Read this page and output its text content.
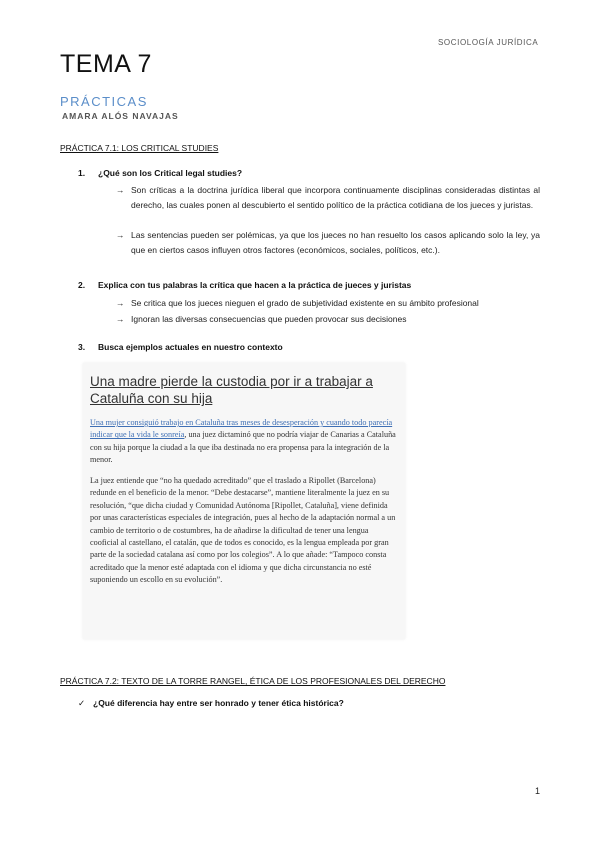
SOCIOLOGÍA JURÍDICA
TEMA 7
PRÁCTICAS
AMARA ALÓS NAVAJAS
PRÁCTICA 7.1: LOS CRITICAL STUDIES
1. ¿Qué son los Critical legal studies?
→ Son críticas a la doctrina jurídica liberal que incorpora continuamente disciplinas consideradas distintas al derecho, las cuales ponen al descubierto el sentido político de la práctica cotidiana de los jueces y juristas.
→ Las sentencias pueden ser polémicas, ya que los jueces no han resuelto los casos aplicando solo la ley, ya que en ciertos casos influyen otros factores (económicos, sociales, políticos, etc.).
2. Explica con tus palabras la crítica que hacen a la práctica de jueces y juristas
→ Se critica que los jueces nieguen el grado de subjetividad existente en su ámbito profesional
→ Ignoran las diversas consecuencias que pueden provocar sus decisiones
3. Busca ejemplos actuales en nuestro contexto
Una madre pierde la custodia por ir a trabajar a Cataluña con su hija
Una mujer consiguió trabajo en Cataluña tras meses de desesperación y cuando todo parecía indicar que la vida le sonreía, una juez dictaminó que no podría viajar de Canarias a Cataluña con su hija porque la ciudad a la que iba destinada no era propensa para la integración de la menor.
La juez entiende que “no ha quedado acreditado” que el traslado a Ripollet (Barcelona) redunde en el beneficio de la menor. “Debe destacarse”, mantiene literalmente la juez en su resolución, “que dicha ciudad y Comunidad Autónoma [Ripollet, Cataluña], viene definida por unas características especiales de integración, pues al hecho de la adaptación normal a un cambio de territorio o de costumbres, ha de añadirse la dificultad de tener una lengua cooficial al castellano, el catalán, que de todos es conocido, es la lengua empleada por gran parte de la sociedad catalana así como por los colegios”. A lo que añade: “Tampoco consta acreditado que la menor esté adaptada con el idioma y que dicha circunstancia no esté suponiendo un escollo en su evolución”.
PRÁCTICA 7.2: TEXTO DE LA TORRE RANGEL, ÉTICA DE LOS PROFESIONALES DEL DERECHO
✓ ¿Qué diferencia hay entre ser honrado y tener ética histórica?
1
